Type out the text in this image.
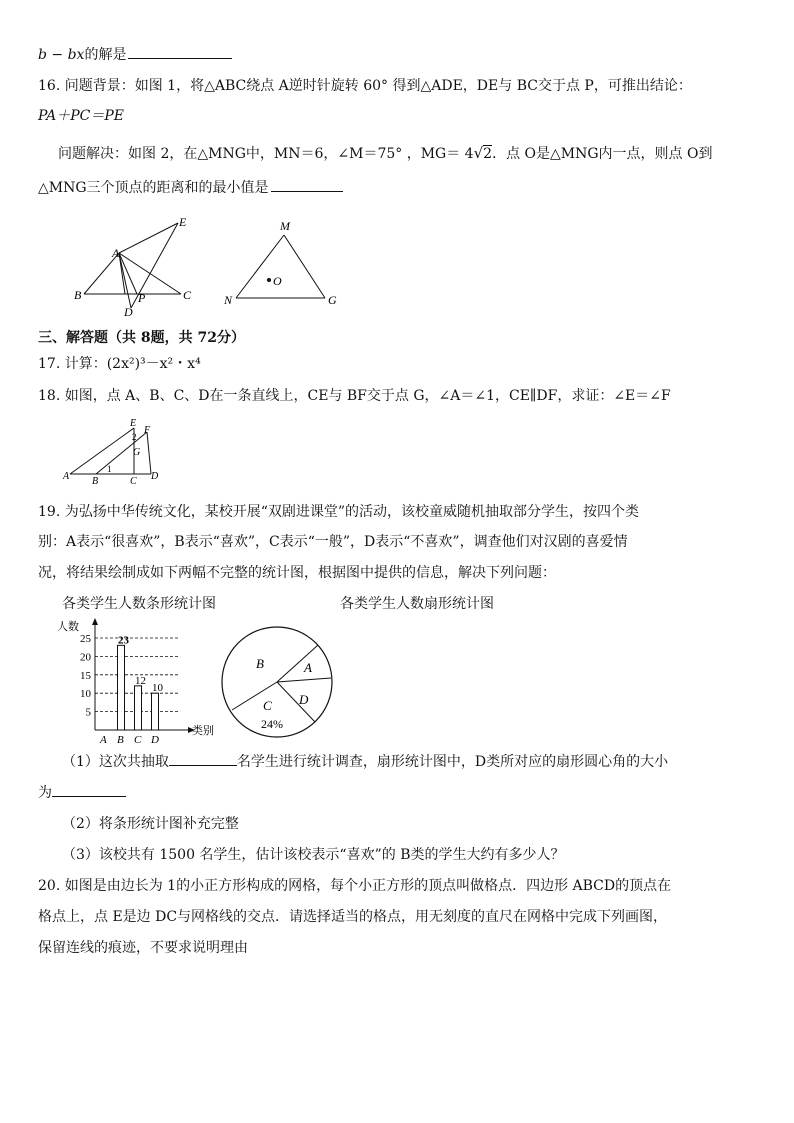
b − bx的解是
16. 问题背景：如图 1，将△ABC绕点 A逆时针旋转 60° 得到△ADE，DE与 BC交于点 P，可推出结论：
PA＋PC＝PE
问题解决：如图 2，在△MNG中，MN＝6，∠M＝75° ，MG＝ 4√2．点 O是△MNG内一点，则点 O到
△MNG三个顶点的距离和的最小值是
A
E
B	P	C
D
M
O
N	G
三、解答题（共 8题，共 72分）
17. 计算：(2x²)³－x²・x⁴
18. 如图，点 A、B、C、D在一条直线上，CE与 BF交于点 G，∠A＝∠1，CE∥DF，求证：∠E＝∠F
E
F
2
G
1
A B	C D
19. 为弘扬中华传统文化，某校开展“双剧进课堂”的活动，该校童威随机抽取部分学生，按四个类
别：A表示“很喜欢”，B表示“喜欢”，C表示“一般”，D表示“不喜欢”，调查他们对汉剧的喜爱情
况，将结果绘制成如下两幅不完整的统计图，根据图中提供的信息，解决下列问题：
各类学生人数条形统计图	各类学生人数扇形统计图
人数
类别
5
10
15
20
25 23
12
10
A B C D
B	A
D
C
24%
（1）这次共抽取	名学生进行统计调查，扇形统计图中，D类所对应的扇形圆心角的大小
为
（2）将条形统计图补充完整
（3）该校共有 1500 名学生，估计该校表示“喜欢”的 B类的学生大约有多少人？
20. 如图是由边长为 1的小正方形构成的网格，每个小正方形的顶点叫做格点．四边形 ABCD的顶点在
格点上，点 E是边 DC与网格线的交点．请选择适当的格点，用无刻度的直尺在网格中完成下列画图，
保留连线的痕迹，不要求说明理由
